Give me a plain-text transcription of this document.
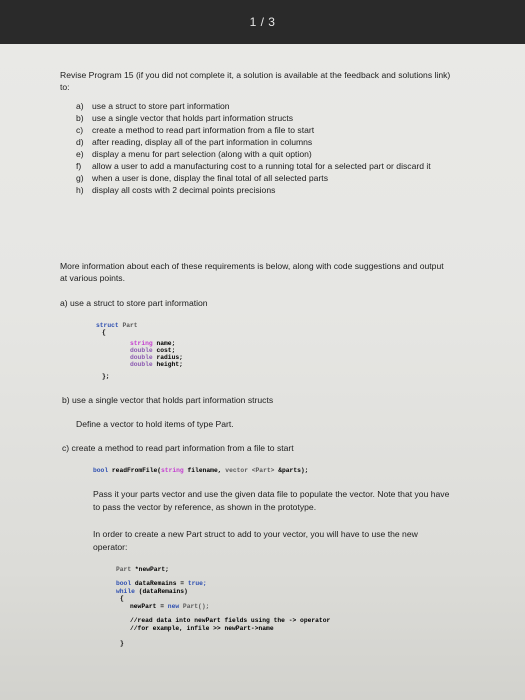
1 / 3
Revise Program 15 (if you did not complete it, a solution is available at the feedback and solutions link)
to:
a) use a struct to store part information
b) use a single vector that holds part information structs
c) create a method to read part information from a file to start
d) after reading, display all of the part information in columns
e) display a menu for part selection (along with a quit option)
f) allow a user to add a manufacturing cost to a running total for a selected part or discard it
g) when a user is done, display the final total of all selected parts
h) display all costs with 2 decimal points precisions
More information about each of these requirements is below, along with code suggestions and output
at various points.
a) use a struct to store part information
struct Part
{
string name;
double cost;
double radius;
double height;
};
b) use a single vector that holds part information structs
Define a vector to hold items of type Part.
c) create a method to read part information from a file to start
bool readFromFile(string filename, vector <Part> &parts);
Pass it your parts vector and use the given data file to populate the vector. Note that you have
to pass the vector by reference, as shown in the prototype.
In order to create a new Part struct to add to your vector, you will have to use the new
operator:
Part *newPart;
bool dataRemains = true;
while (dataRemains)
{
newPart = new Part();
//read data into newPart fields using the -> operator
//for example, infile >> newPart->name
}
